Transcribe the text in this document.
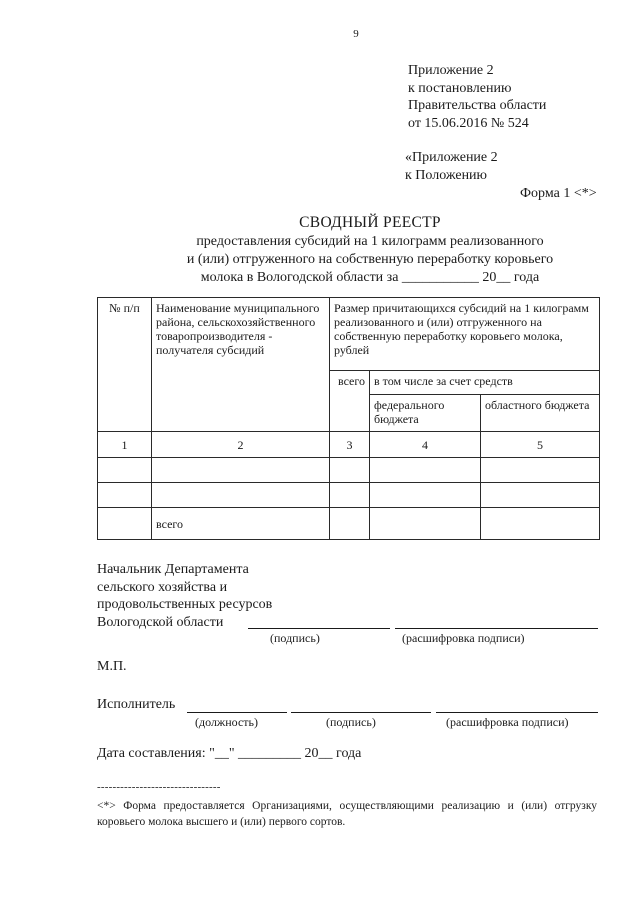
9
Приложение 2
к постановлению
Правительства области
от 15.06.2016 № 524
«Приложение 2
к Положению
Форма 1 <*>
СВОДНЫЙ РЕЕСТР
предоставления субсидий на 1 килограмм реализованного
и (или) отгруженного на собственную переработку коровьего
молока в Вологодской области за ___________ 20__ года
№ п/п	Наименование муниципального района, сельскохозяйственного товаропроизводителя - получателя субсидий	Размер причитающихся субсидий на 1 килограмм реализованного и (или) отгруженного на собственную переработку коровьего молока, рублей		
		всего	в том числе за счет средств	
			федерального бюджета	областного бюджета
1	2	3	4	5

	всего			
Начальник Департамента
сельского хозяйства и
продовольственных ресурсов
Вологодской области
(подпись)	(расшифровка подписи)
М.П.
Исполнитель
(должность)	(подпись)	(расшифровка подписи)
Дата составления: "__" _________ 20__ года
--------------------------------
<*> Форма предоставляется Организациями, осуществляющими реализацию и (или) отгрузку коровьего молока высшего и (или) первого сортов.
